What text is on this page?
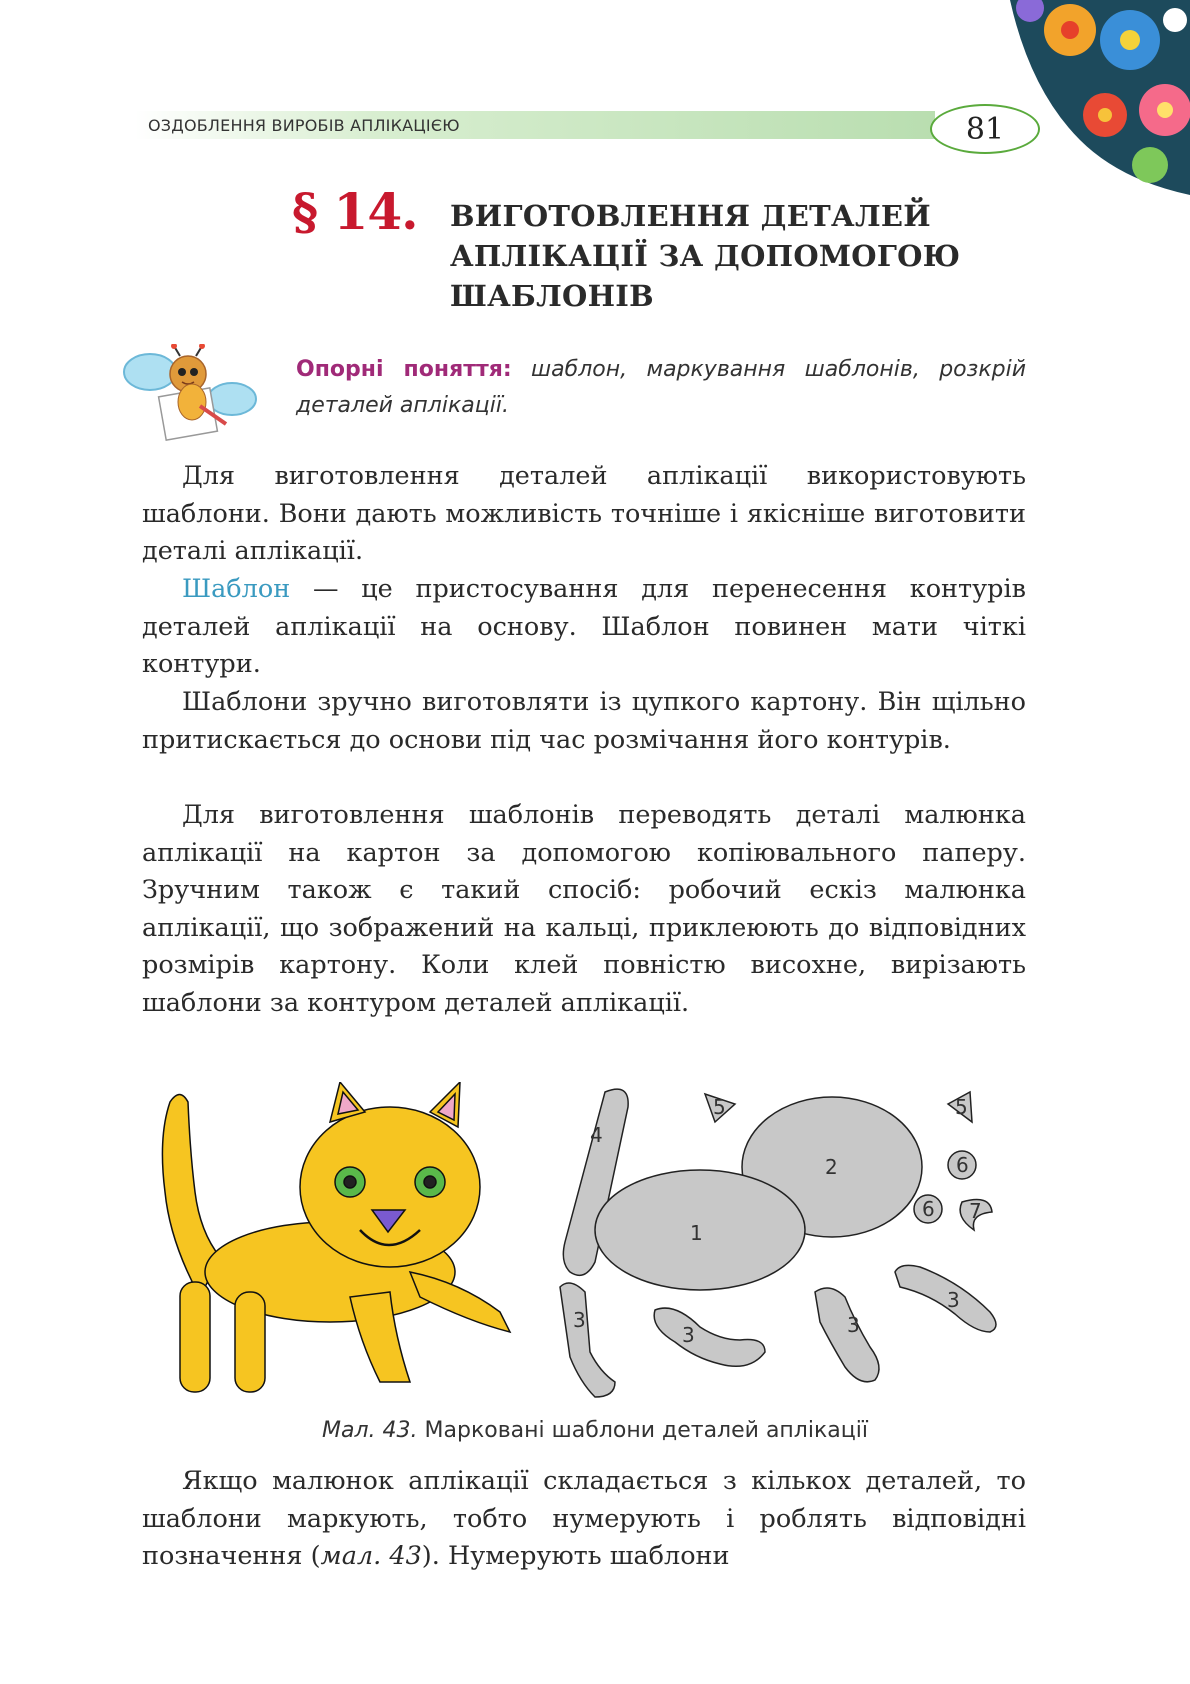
ОЗДОБЛЕННЯ ВИРОБІВ АПЛІКАЦІЄЮ	81
§ 14. ВИГОТОВЛЕННЯ ДЕТАЛЕЙ АПЛІКАЦІЇ ЗА ДОПОМОГОЮ ШАБЛОНІВ
Опорні поняття: шаблон, маркування шаблонів, розкрій деталей аплікації.

Для виготовлення деталей аплікації використовують шаблони. Вони дають можливість точніше і якісніше виготовити деталі аплікації.

Шаблон — це пристосування для перенесення контурів деталей аплікації на основу. Шаблон повинен мати чіткі контури.

Шаблони зручно виготовляти із цупкого картону. Він щільно притискається до основи під час розмічання його контурів.

Для виготовлення шаблонів переводять деталі малюнка аплікації на картон за допомогою копіювального паперу. Зручним також є такий спосіб: робочий ескіз малюнка аплікації, що зображений на кальці, приклеюють до відповідних розмірів картону. Коли клей повністю висохне, вирізають шаблони за контуром деталей аплікації.

1
2
3
3	3
3
4
5	5
6
6 7
Мал. 43. Марковані шаблони деталей аплікації

Якщо малюнок аплікації складається з кількох деталей, то шаблони маркують, тобто нумерують і роблять відповідні позначення (мал. 43). Нумерують шаблони
